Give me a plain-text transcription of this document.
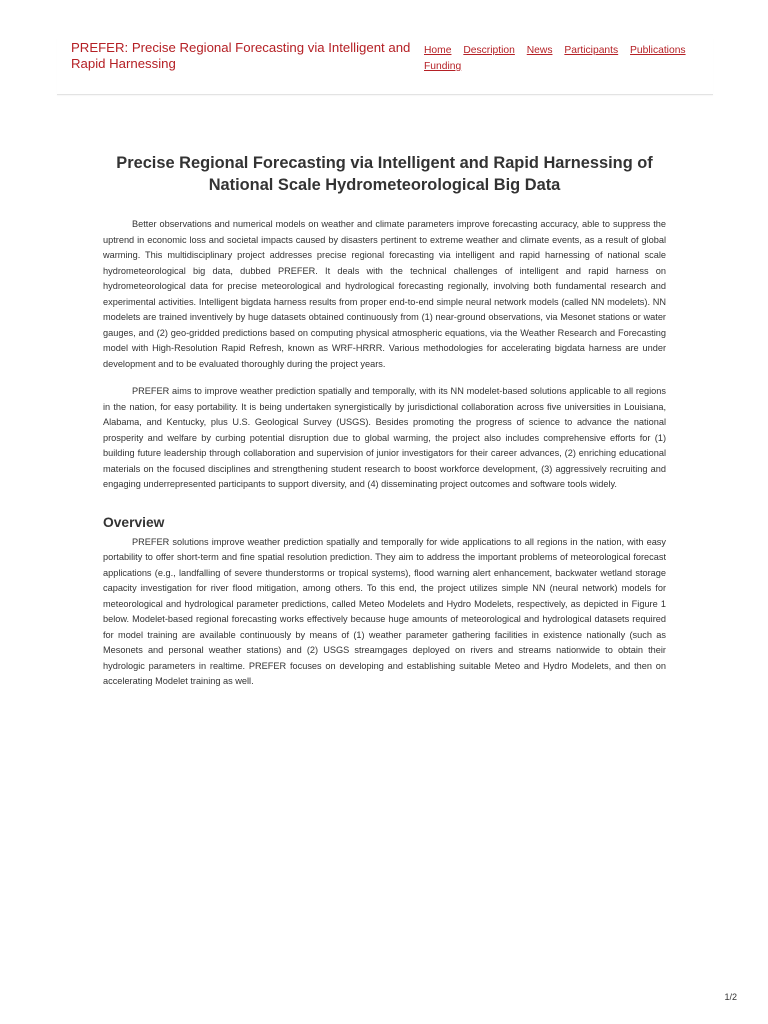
PREFER: Precise Regional Forecasting via Intelligent and Rapid Harnessing
Home Description News Participants Publications
Funding
Precise Regional Forecasting via Intelligent and Rapid Harnessing of National Scale Hydrometeorological Big Data

Better observations and numerical models on weather and climate parameters improve forecasting accuracy, able to suppress the uptrend in economic loss and societal impacts caused by disasters pertinent to extreme weather and climate events, as a result of global warming. This multidisciplinary project addresses precise regional forecasting via intelligent and rapid harnessing of national scale hydrometeorological big data, dubbed PREFER. It deals with the technical challenges of intelligent and rapid harness on hydrometeorological data for precise meteorological and hydrological forecasting regionally, involving both fundamental research and experimental activities. Intelligent bigdata harness results from proper end-to-end simple neural network models (called NN modelets). NN modelets are trained inventively by huge datasets obtained continuously from (1) near-ground observations, via Mesonet stations or water gauges, and (2) geo-gridded predictions based on computing physical atmospheric equations, via the Weather Research and Forecasting model with High-Resolution Rapid Refresh, known as WRF-HRRR. Various methodologies for accelerating bigdata harness are under development and to be evaluated thoroughly during the project years.

PREFER aims to improve weather prediction spatially and temporally, with its NN modelet-based solutions applicable to all regions in the nation, for easy portability. It is being undertaken synergistically by jurisdictional collaboration across five universities in Louisiana, Alabama, and Kentucky, plus U.S. Geological Survey (USGS). Besides promoting the progress of science to advance the national prosperity and welfare by curbing potential disruption due to global warming, the project also includes comprehensive efforts for (1) building future leadership through collaboration and supervision of junior investigators for their career advances, (2) enriching educational materials on the focused disciplines and strengthening student research to boost workforce development, (3) aggressively recruiting and engaging underrepresented participants to support diversity, and (4) disseminating project outcomes and software tools widely.

Overview

PREFER solutions improve weather prediction spatially and temporally for wide applications to all regions in the nation, with easy portability to offer short-term and fine spatial resolution prediction. They aim to address the important problems of meteorological forecast applications (e.g., landfalling of severe thunderstorms or tropical systems), flood warning alert enhancement, backwater wetland storage capacity investigation for river flood mitigation, among others. To this end, the project utilizes simple NN (neural network) models for meteorological and hydrological parameter predictions, called Meteo Modelets and Hydro Modelets, respectively, as depicted in Figure 1 below. Modelet-based regional forecasting works effectively because huge amounts of meteorological and hydrological datasets required for model training are available continuously by means of (1) weather parameter gathering facilities in existence nationally (such as Mesonets and personal weather stations) and (2) USGS streamgages deployed on rivers and streams nationwide to obtain their hydrologic parameters in realtime. PREFER focuses on developing and establishing suitable Meteo and Hydro Modelets, and then on accelerating Modelet training as well.

1/2
